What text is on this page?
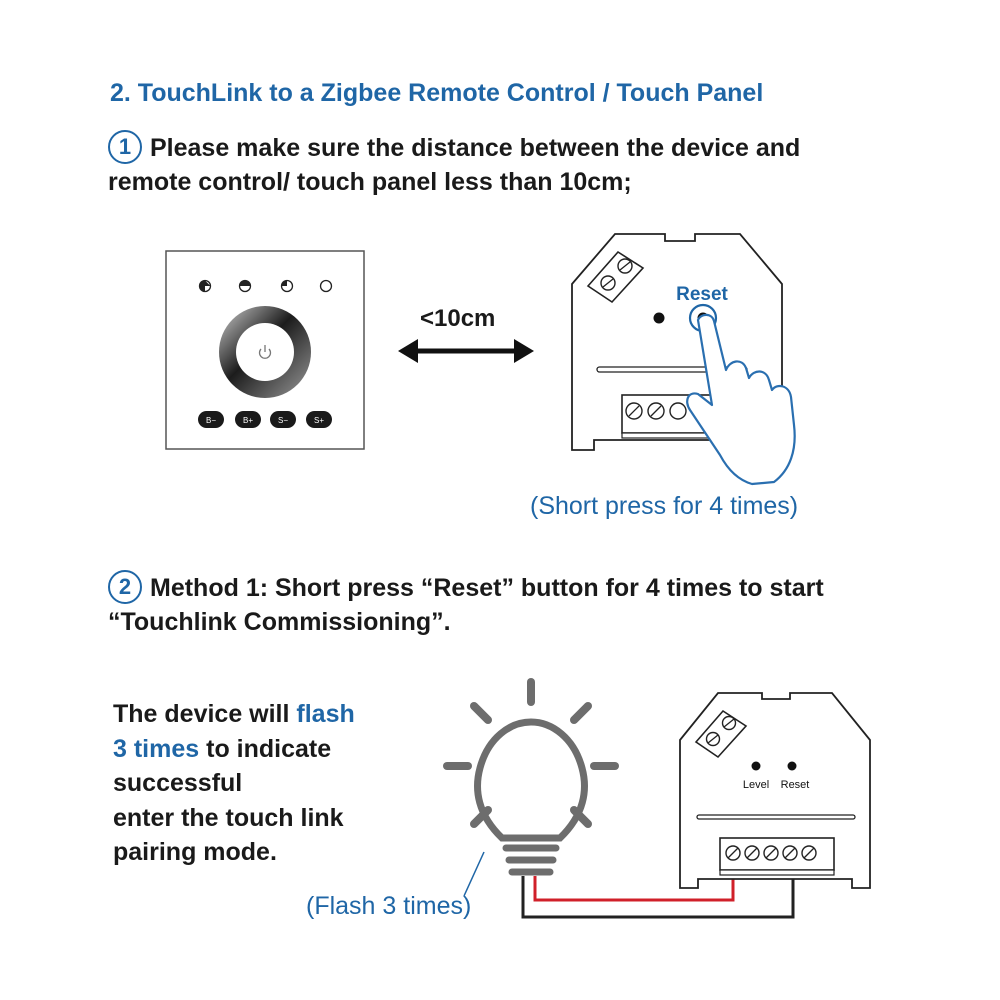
2. TouchLink to a Zigbee Remote Control / Touch Panel
1 Please make sure the distance between the device and
remote control/ touch panel less than 10cm;
B−	B+	S−	S+
Reset
Level Reset
<10cm
(Short press for 4 times)
2 Method 1: Short press “Reset” button for 4 times to start
“Touchlink Commissioning”.
The device will flash
3 times to indicate
successful
enter the touch link
pairing mode.
(Flash 3 times)
